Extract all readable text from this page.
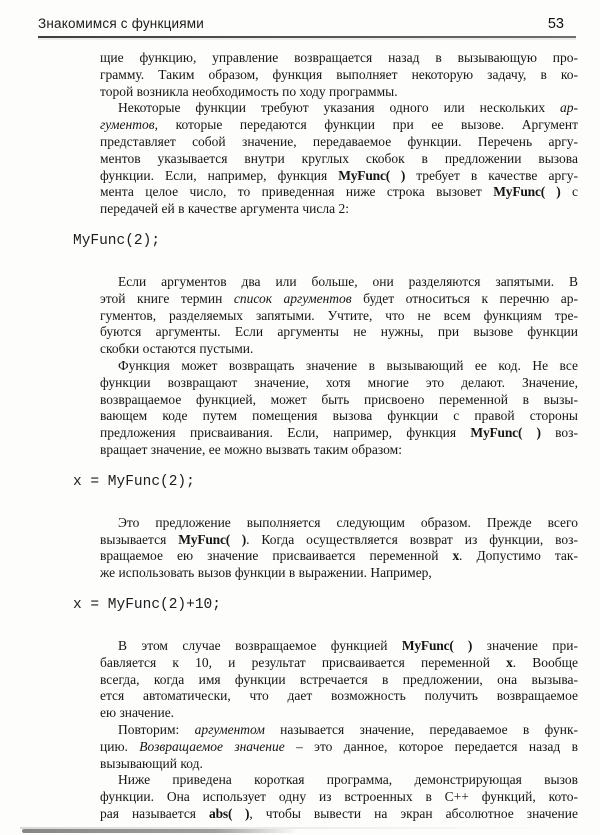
Знакомимся с функциями	53
щие функцию, управление возвращается назад в вызывающую про-
грамму. Таким образом, функция выполняет некоторую задачу, в ко-
торой возникла необходимость по ходу программы.
Некоторые функции требуют указания одного или нескольких ар-
гументов, которые передаются функции при ее вызове. Аргумент
представляет собой значение, передаваемое функции. Перечень аргу-
ментов указывается внутри круглых скобок в предложении вызова
функции. Если, например, функция MyFunc( ) требует в качестве аргу-
мента целое число, то приведенная ниже строка вызовет MyFunc( ) с
передачей ей в качестве аргумента числа 2:
MyFunc(2);
Если аргументов два или больше, они разделяются запятыми. В
этой книге термин список аргументов будет относиться к перечню ар-
гументов, разделяемых запятыми. Учтите, что не всем функциям тре-
буются аргументы. Если аргументы не нужны, при вызове функции
скобки остаются пустыми.
Функция может возвращать значение в вызывающий ее код. Не все
функции возвращают значение, хотя многие это делают. Значение,
возвращаемое функцией, может быть присвоено переменной в вызы-
вающем коде путем помещения вызова функции с правой стороны
предложения присваивания. Если, например, функция MyFunc( ) воз-
вращает значение, ее можно вызвать таким образом:
x = MyFunc(2);
Это предложение выполняется следующим образом. Прежде всего
вызывается MyFunc( ). Когда осуществляется возврат из функции, воз-
вращаемое ею значение присваивается переменной x. Допустимо так-
же использовать вызов функции в выражении. Например,
x = MyFunc(2)+10;
В этом случае возвращаемое функцией MyFunc( ) значение при-
бавляется к 10, и результат присваивается переменной x. Вообще
всегда, когда имя функции встречается в предложении, она вызыва-
ется автоматически, что дает возможность получить возвращаемое
ею значение.
Повторим: аргументом называется значение, передаваемое в функ-
цию. Возвращаемое значение – это данное, которое передается назад в
вызывающий код.
Ниже приведена короткая программа, демонстрирующая вызов
функции. Она использует одну из встроенных в C++ функций, кото-
рая называется abs( ), чтобы вывести на экран абсолютное значение
